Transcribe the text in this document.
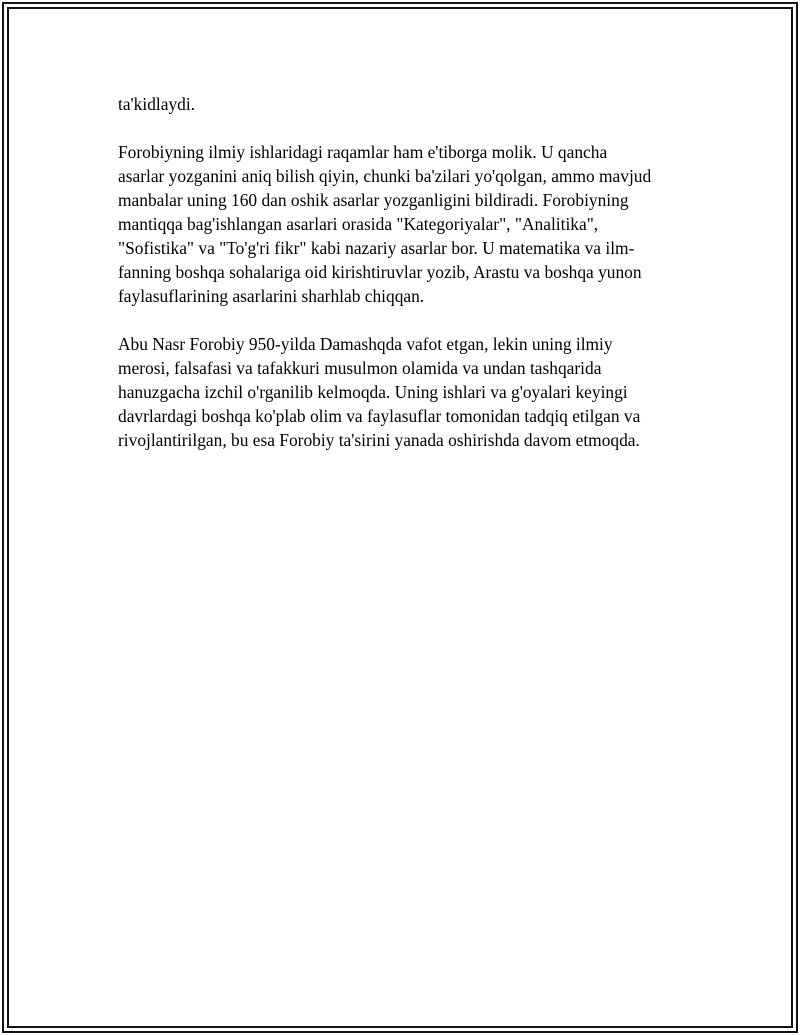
ta'kidlaydi.

Forobiyning ilmiy ishlaridagi raqamlar ham e'tiborga molik. U qancha
asarlar yozganini aniq bilish qiyin, chunki ba'zilari yo'qolgan, ammo mavjud
manbalar uning 160 dan oshik asarlar yozganligini bildiradi. Forobiyning
mantiqqa bag'ishlangan asarlari orasida "Kategoriyalar", "Analitika",
"Sofistika" va "To'g'ri fikr" kabi nazariy asarlar bor. U matematika va ilm-
fanning boshqa sohalariga oid kirishtiruvlar yozib, Arastu va boshqa yunon
faylasuflarining asarlarini sharhlab chiqqan.

Abu Nasr Forobiy 950-yilda Damashqda vafot etgan, lekin uning ilmiy
merosi, falsafasi va tafakkuri musulmon olamida va undan tashqarida
hanuzgacha izchil o'rganilib kelmoqda. Uning ishlari va g'oyalari keyingi
davrlardagi boshqa ko'plab olim va faylasuflar tomonidan tadqiq etilgan va
rivojlantirilgan, bu esa Forobiy ta'sirini yanada oshirishda davom etmoqda.
